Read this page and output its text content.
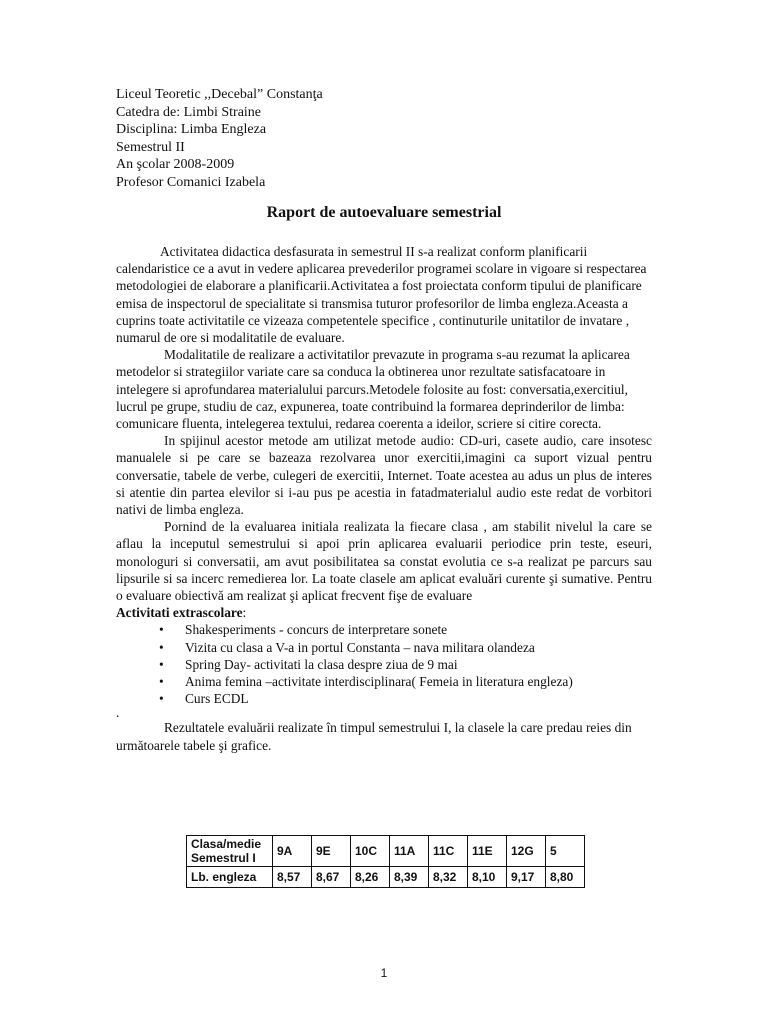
Liceul Teoretic ,,Decebal” Constanţa
Catedra de: Limbi Straine
Disciplina: Limba Engleza
Semestrul II
An şcolar 2008-2009
Profesor Comanici Izabela
Raport de autoevaluare semestrial

Activitatea didactica desfasurata in semestrul II s-a realizat conform planificarii calendaristice ce a avut in vedere aplicarea prevederilor programei scolare in vigoare si respectarea metodologiei de elaborare a planificarii.Activitatea a fost proiectata conform tipului de planificare emisa de inspectorul de specialitate si transmisa tuturor profesorilor de limba engleza.Aceasta a cuprins toate activitatile ce vizeaza competentele specifice , continuturile unitatilor de invatare , numarul de ore si modalitatile de evaluare.

Modalitatile de realizare a activitatilor prevazute in programa s-au rezumat la aplicarea metodelor si strategiilor variate care sa conduca la obtinerea unor rezultate satisfacatoare in intelegere si aprofundarea materialului parcurs.Metodele folosite au fost: conversatia,exercitiul, lucrul pe grupe, studiu de caz, expunerea, toate contribuind la formarea deprinderilor de limba: comunicare fluenta, intelegerea textului, redarea coerenta a ideilor, scriere si citire corecta.

In spijinul acestor metode am utilizat metode audio: CD-uri, casete audio, care insotesc manualele si pe care se bazeaza rezolvarea unor exercitii,imagini ca suport vizual pentru conversatie, tabele de verbe, culegeri de exercitii, Internet. Toate acestea au adus un plus de interes si atentie din partea elevilor si i-au pus pe acestia in fatadmaterialul audio este redat de vorbitori nativi de limba engleza.

Pornind de la evaluarea initiala realizata la fiecare clasa , am stabilit nivelul la care se aflau la inceputul semestrului si apoi prin aplicarea evaluarii periodice prin teste, eseuri, monologuri si conversatii, am avut posibilitatea sa constat evolutia ce s-a realizat pe parcurs sau lipsurile si sa incerc remedierea lor. La toate clasele am aplicat evaluări curente şi sumative. Pentru o evaluare obiectivă am realizat şi aplicat frecvent fişe de evaluare

Activitati extrascolare:

• Shakesperiments - concurs de interpretare sonete
• Vizita cu clasa a V-a in portul Constanta – nava militara olandeza
• Spring Day- activitati la clasa despre ziua de 9 mai
• Anima femina –activitate interdisciplinara( Femeia in literatura engleza)
• Curs ECDL

.

Rezultatele evaluării realizate în timpul semestrului I, la clasele la care predau reies din următoarele tabele şi grafice.

Clasa/medie Semestrul I	9A	9E	10C	11A	11C	11E	12G	5
Lb. engleza	8,57	8,67	8,26	8,39	8,32	8,10	9,17	8,80
1
